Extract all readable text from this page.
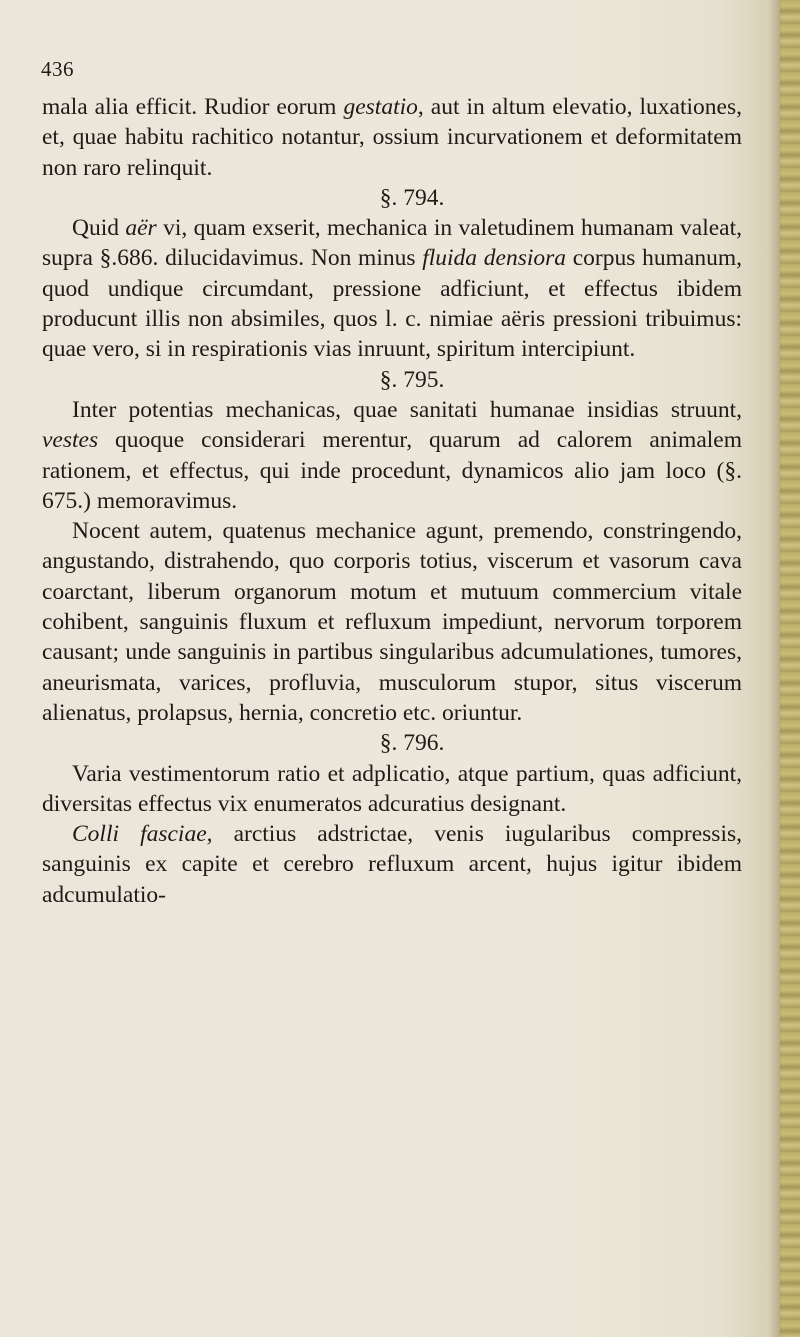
436

mala alia efficit. Rudior eorum gestatio, aut in altum elevatio, luxationes, et, quae habitu rachitico notantur, ossium incurvationem et deformitatem non raro relinquit.

§. 794.

Quid aër vi, quam exserit, mechanica in valetudinem humanam valeat, supra §.686. dilucidavimus. Non minus fluida densiora corpus humanum, quod undique circumdant, pressione adficiunt, et effectus ibidem producunt illis non absimiles, quos l. c. nimiae aëris pressioni tribuimus: quae vero, si in respirationis vias inruunt, spiritum intercipiunt.

§. 795.

Inter potentias mechanicas, quae sanitati humanae insidias struunt, vestes quoque considerari merentur, quarum ad calorem animalem rationem, et effectus, qui inde procedunt, dynamicos alio jam loco (§. 675.) memoravimus.

Nocent autem, quatenus mechanice agunt, premendo, constringendo, angustando, distrahendo, quo corporis totius, viscerum et vasorum cava coarctant, liberum organorum motum et mutuum commercium vitale cohibent, sanguinis fluxum et refluxum impediunt, nervorum torporem causant; unde sanguinis in partibus singularibus adcumulationes, tumores, aneurismata, varices, profluvia, musculorum stupor, situs viscerum alienatus, prolapsus, hernia, concretio etc. oriuntur.

§. 796.

Varia vestimentorum ratio et adplicatio, atque partium, quas adficiunt, diversitas effectus vix enumeratos adcuratius designant.

Colli fasciae, arctius adstrictae, venis iugularibus compressis, sanguinis ex capite et cerebro refluxum arcent, hujus igitur ibidem adcumulatio-
